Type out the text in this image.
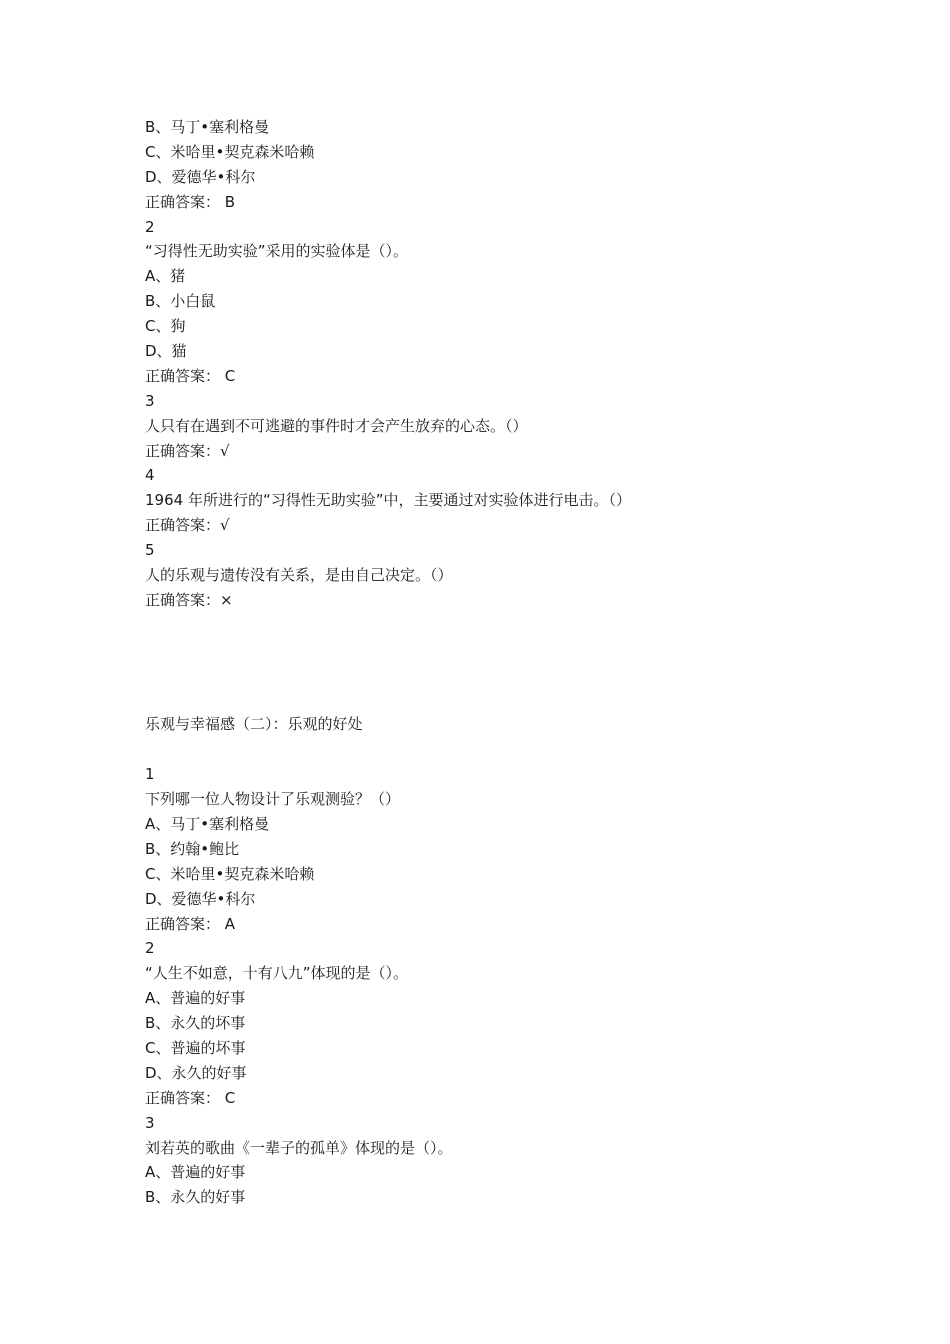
B、马丁•塞利格曼
C、米哈里•契克森米哈赖
D、爱德华•科尔
正确答案： B
2
“习得性无助实验”采用的实验体是（）。
A、猪
B、小白鼠
C、狗
D、猫
正确答案： C
3
人只有在遇到不可逃避的事件时才会产生放弃的心态。（）
正确答案：√
4
1964 年所进行的“习得性无助实验”中，主要通过对实验体进行电击。（）
正确答案：√
5
人的乐观与遗传没有关系，是由自己决定。（）
正确答案：×
乐观与幸福感（二）：乐观的好处
1
下列哪一位人物设计了乐观测验？（）
A、马丁•塞利格曼
B、约翰•鲍比
C、米哈里•契克森米哈赖
D、爱德华•科尔
正确答案： A
2
“人生不如意，十有八九”体现的是（）。
A、普遍的好事
B、永久的坏事
C、普遍的坏事
D、永久的好事
正确答案： C
3
刘若英的歌曲《一辈子的孤单》体现的是（）。
A、普遍的好事
B、永久的好事
